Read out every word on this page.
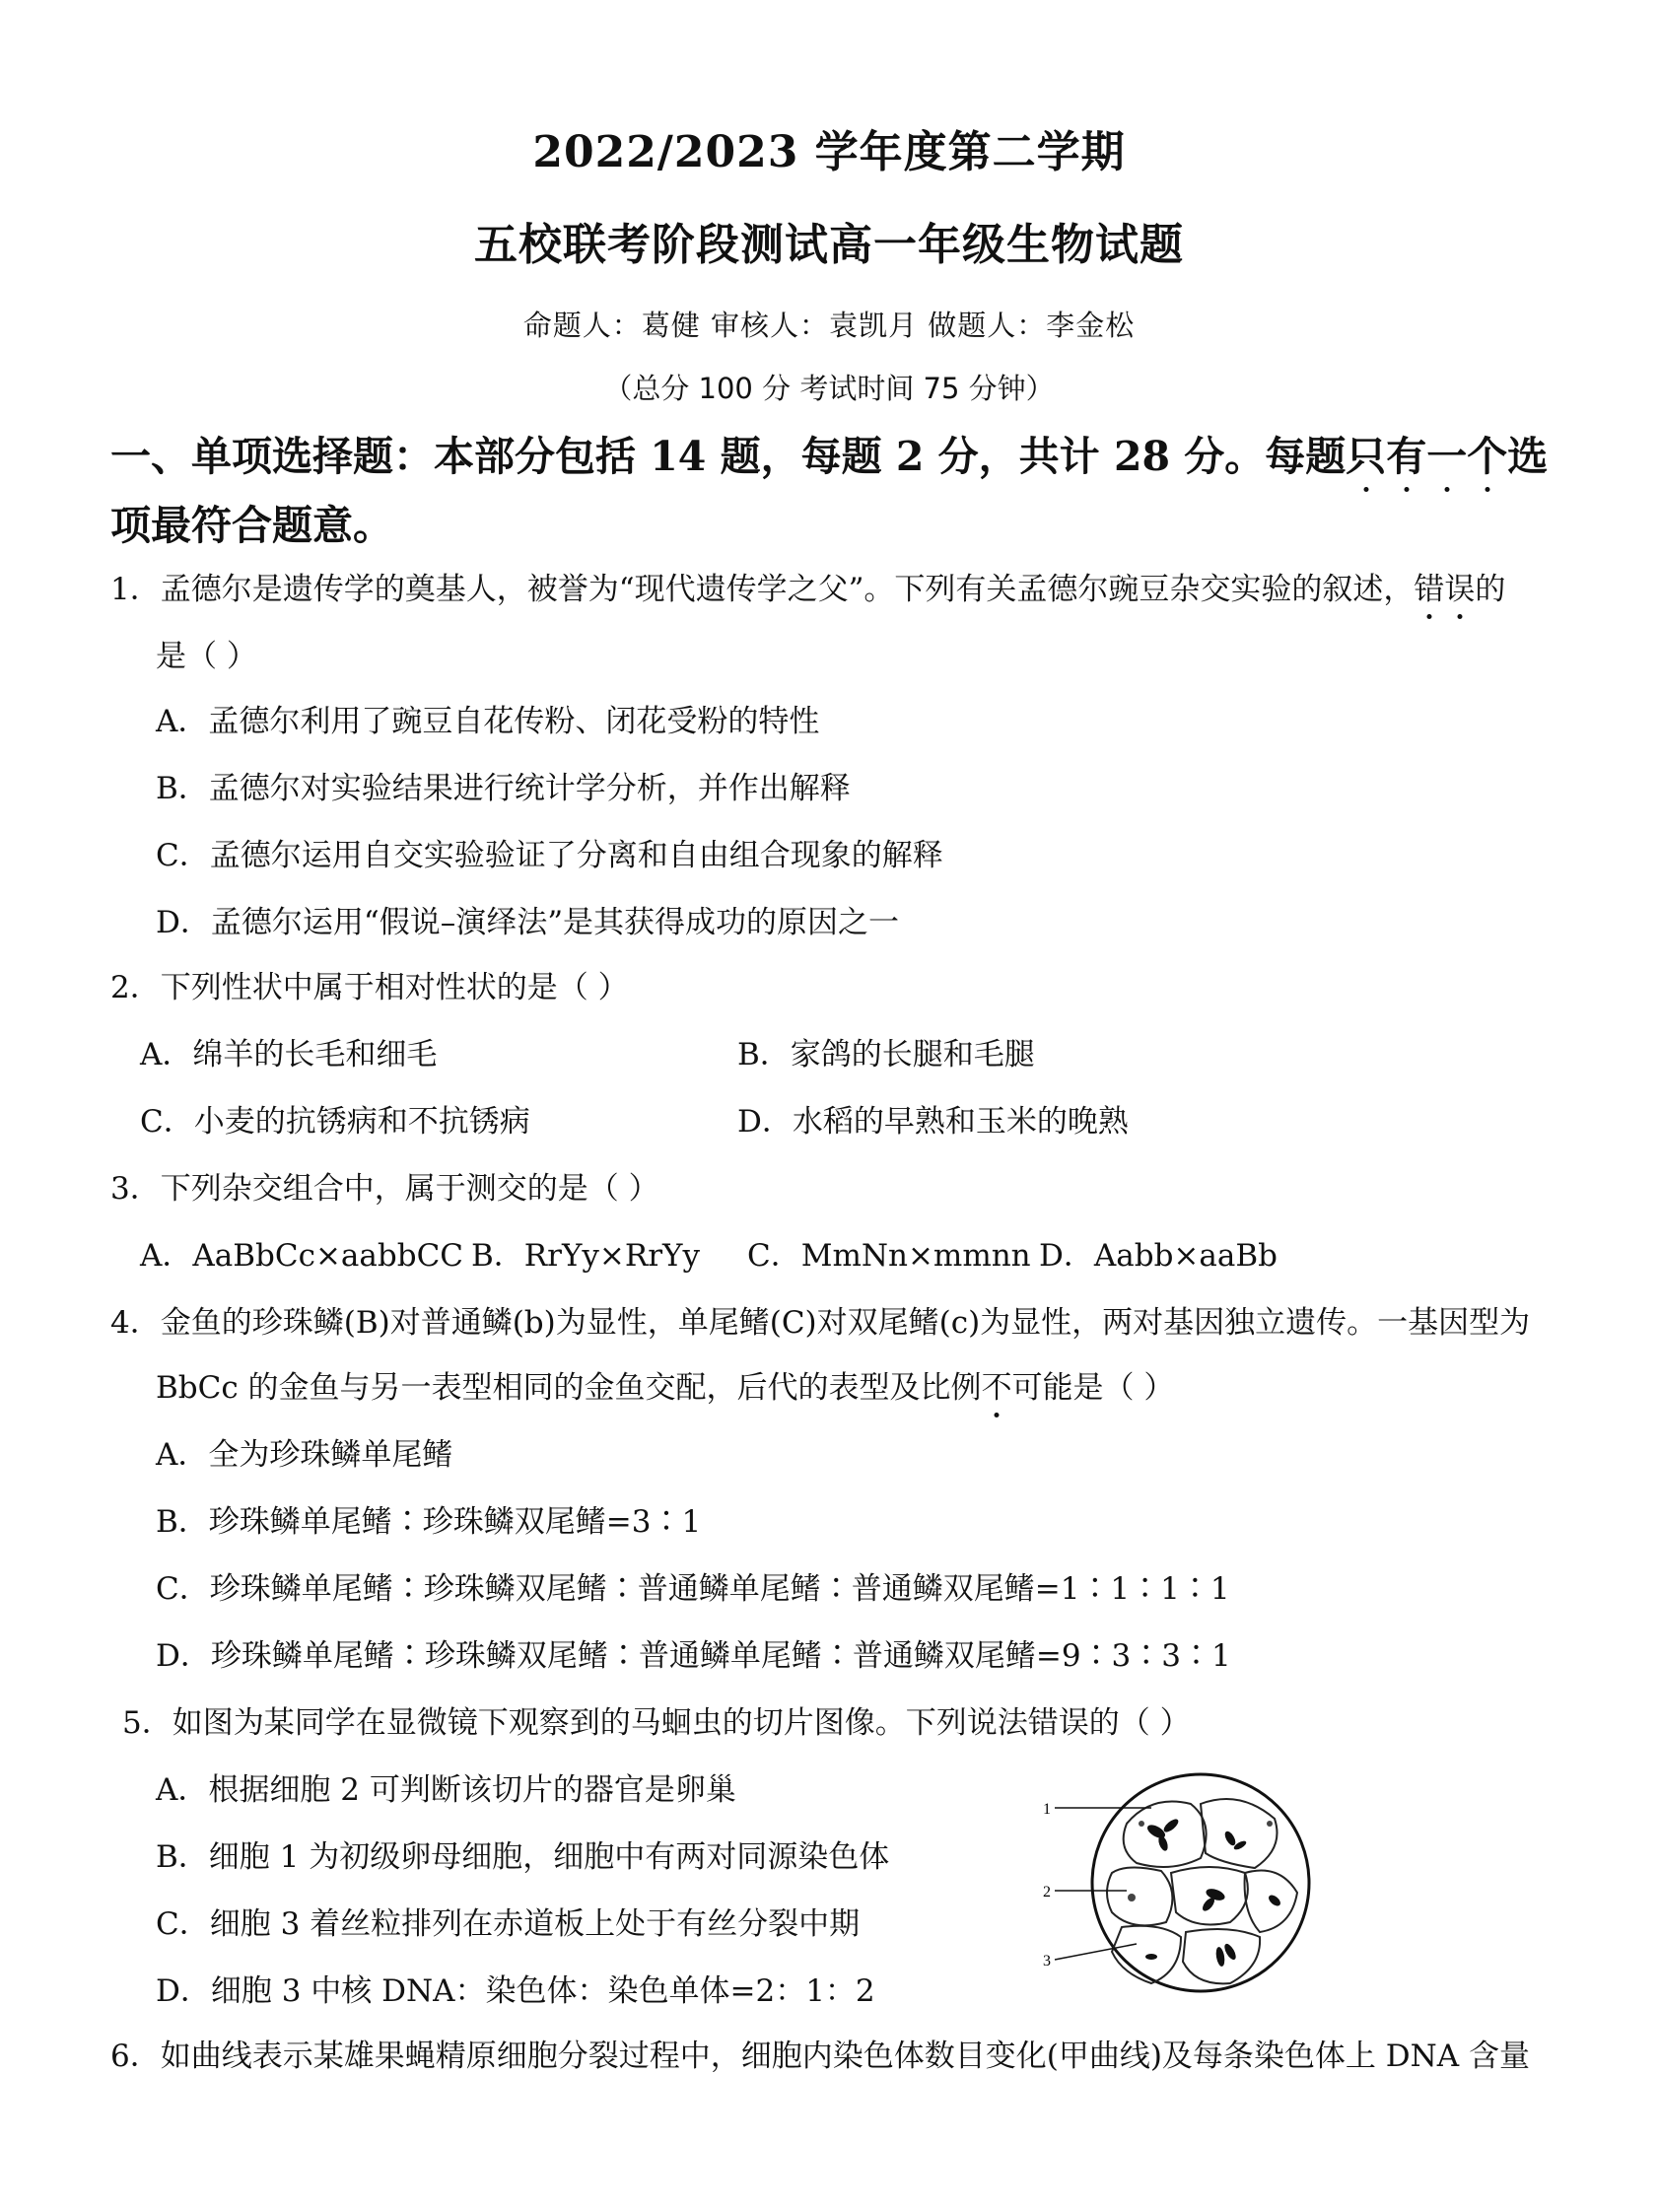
2022/2023 学年度第二学期
五校联考阶段测试高一年级生物试题
命题人：葛健 审核人：袁凯月 做题人：李金松
（总分 100 分 考试时间 75 分钟）
一、单项选择题：本部分包括 14 题，每题 2 分，共计 28 分。每题只有一个选
项最符合题意。
1．孟德尔是遗传学的奠基人，被誉为“现代遗传学之父”。下列有关孟德尔豌豆杂交实验的叙述，错误的
是（ ）
A．孟德尔利用了豌豆自花传粉、闭花受粉的特性
B．孟德尔对实验结果进行统计学分析，并作出解释
C．孟德尔运用自交实验验证了分离和自由组合现象的解释
D．孟德尔运用“假说–演绎法”是其获得成功的原因之一
2．下列性状中属于相对性状的是（ ）
A．绵羊的长毛和细毛	B．家鸽的长腿和毛腿
C．小麦的抗锈病和不抗锈病	D．水稻的早熟和玉米的晚熟
3．下列杂交组合中，属于测交的是（ ）
A．AaBbCc×aabbCC B．RrYy×RrYy C．MmNn×mmnn D．Aabb×aaBb
4．金鱼的珍珠鳞(B)对普通鳞(b)为显性，单尾鳍(C)对双尾鳍(c)为显性，两对基因独立遗传。一基因型为
BbCc 的金鱼与另一表型相同的金鱼交配，后代的表型及比例不可能是（ ）
A．全为珍珠鳞单尾鳍
B．珍珠鳞单尾鳍∶珍珠鳞双尾鳍=3∶1
C．珍珠鳞单尾鳍∶珍珠鳞双尾鳍∶普通鳞单尾鳍∶普通鳞双尾鳍=1∶1∶1∶1
D．珍珠鳞单尾鳍∶珍珠鳞双尾鳍∶普通鳞单尾鳍∶普通鳞双尾鳍=9∶3∶3∶1
5．如图为某同学在显微镜下观察到的马蛔虫的切片图像。下列说法错误的（ ）
A．根据细胞 2 可判断该切片的器官是卵巢
B．细胞 1 为初级卵母细胞，细胞中有两对同源染色体
C．细胞 3 着丝粒排列在赤道板上处于有丝分裂中期
D．细胞 3 中核 DNA：染色体：染色单体=2：1：2
1
2
3
6．如曲线表示某雄果蝇精原细胞分裂过程中，细胞内染色体数目变化(甲曲线)及每条染色体上 DNA 含量
